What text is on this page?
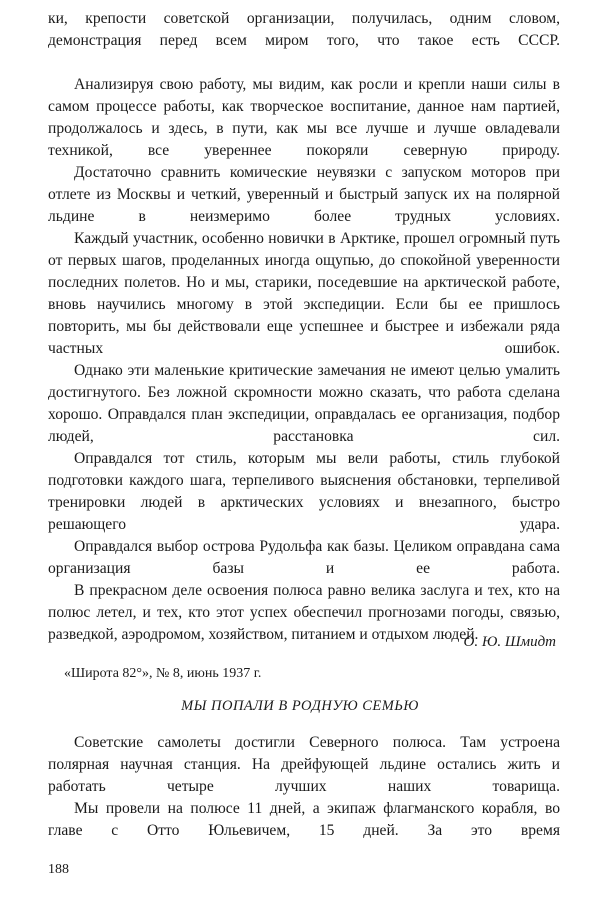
ки, крепости советской организации, получилась, одним словом, демонстрация перед всем миром того, что такое есть СССР.

Анализируя свою работу, мы видим, как росли и крепли наши силы в самом процессе работы, как творческое воспитание, данное нам партией, продолжалось и здесь, в пути, как мы все лучше и лучше овладевали техникой, все увереннее покоряли северную природу.

Достаточно сравнить комические неувязки с запуском моторов при отлете из Москвы и четкий, уверенный и быстрый запуск их на полярной льдине в неизмеримо более трудных условиях.

Каждый участник, особенно новички в Арктике, прошел огромный путь от первых шагов, проделанных иногда ощупью, до спокойной уверенности последних полетов. Но и мы, старики, поседевшие на арктической работе, вновь научились многому в этой экспедиции. Если бы ее пришлось повторить, мы бы действовали еще успешнее и быстрее и избежали ряда частных ошибок.

Однако эти маленькие критические замечания не имеют целью умалить достигнутого. Без ложной скромности можно сказать, что работа сделана хорошо. Оправдался план экспедиции, оправдалась ее организация, подбор людей, расстановка сил.

Оправдался тот стиль, которым мы вели работы, стиль глубокой подготовки каждого шага, терпеливого выяснения обстановки, терпеливой тренировки людей в арктических условиях и внезапного, быстро решающего удара.

Оправдался выбор острова Рудольфа как базы. Целиком оправдана сама организация базы и ее работа.

В прекрасном деле освоения полюса равно велика заслуга и тех, кто на полюс летел, и тех, кто этот успех обеспечил прогнозами погоды, связью, разведкой, аэродромом, хозяйством, питанием и отдыхом людей.

О. Ю. Шмидт
«Широта 82°», № 8, июнь 1937 г.
МЫ ПОПАЛИ В РОДНУЮ СЕМЬЮ

Советские самолеты достигли Северного полюса. Там устроена полярная научная станция. На дрейфующей льдине остались жить и работать четыре лучших наших товарища.

Мы провели на полюсе 11 дней, а экипаж флагманского корабля, во главе с Отто Юльевичем, 15 дней. За это время

188
